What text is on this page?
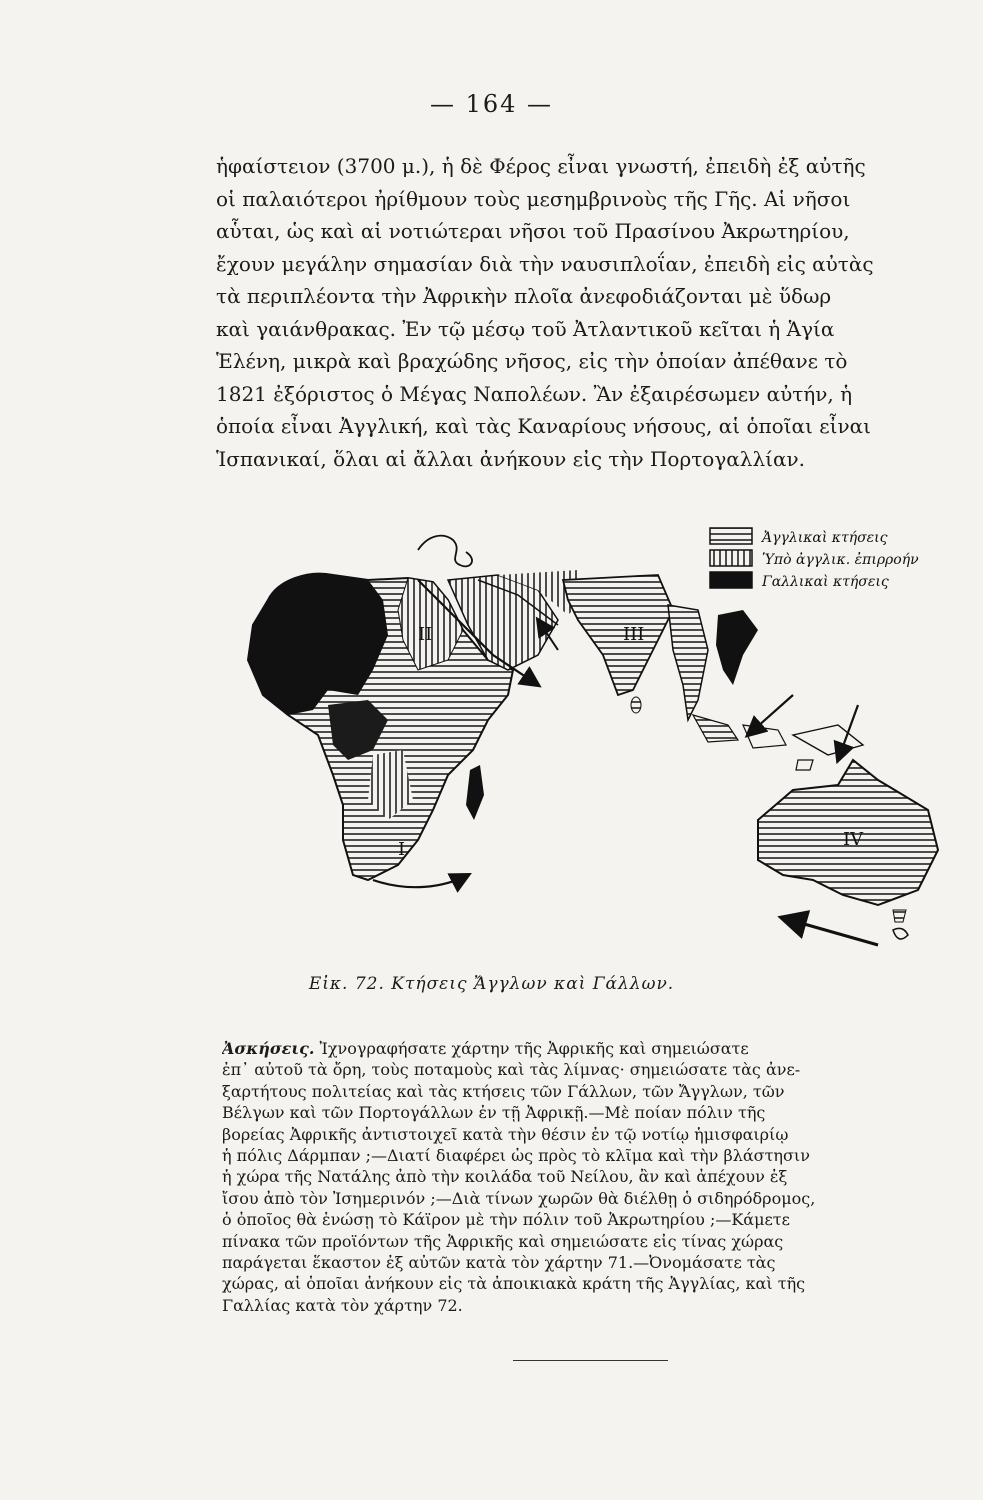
— 164 —
ἡφαίστειον (3700 μ.), ἡ δὲ Φέρος εἶναι γνωστή, ἐπειδὴ ἐξ αὐτῆς
οἱ παλαιότεροι ἠρίθμουν τοὺς μεσημβρινοὺς τῆς Γῆς. Αἱ νῆσοι
αὗται, ὡς καὶ αἱ νοτιώτεραι νῆσοι τοῦ Πρασίνου Ἀκρωτηρίου,
ἔχουν μεγάλην σημασίαν διὰ τὴν ναυσιπλοΐαν, ἐπειδὴ εἰς αὐτὰς
τὰ περιπλέοντα τὴν Ἀφρικὴν πλοῖα ἀνεφοδιάζονται μὲ ὕδωρ
καὶ γαιάνθρακας. Ἐν τῷ μέσῳ τοῦ Ἀτλαντικοῦ κεῖται ἡ Ἁγία
Ἑλένη, μικρὰ καὶ βραχώδης νῆσος, εἰς τὴν ὁποίαν ἀπέθανε τὸ
1821 ἐξόριστος ὁ Μέγας Ναπολέων. Ἂν ἐξαιρέσωμεν αὐτήν, ἡ
ὁποία εἶναι Ἀγγλική, καὶ τὰς Καναρίους νήσους, αἱ ὁποῖαι εἶναι
Ἱσπανικαί, ὅλαι αἱ ἄλλαι ἀνήκουν εἰς τὴν Πορτογαλλίαν.
Ἀγγλικαὶ κτήσεις
Ὑπὸ ἀγγλικ. ἐπιρροήν
Γαλλικαὶ κτήσεις
II	III
I	IV
Εἰκ. 72. Κτήσεις Ἄγγλων καὶ Γάλλων.
Ἀσκήσεις. Ἰχνογραφήσατε χάρτην τῆς Ἀφρικῆς καὶ σημειώσατε
ἐπ᾿ αὐτοῦ τὰ ὄρη, τοὺς ποταμοὺς καὶ τὰς λίμνας· σημειώσατε τὰς ἀνε-
ξαρτήτους πολιτείας καὶ τὰς κτήσεις τῶν Γάλλων, τῶν Ἄγγλων, τῶν
Βέλγων καὶ τῶν Πορτογάλλων ἐν τῇ Ἀφρικῇ.—Μὲ ποίαν πόλιν τῆς
βορείας Ἀφρικῆς ἀντιστοιχεῖ κατὰ τὴν θέσιν ἐν τῷ νοτίῳ ἡμισφαιρίῳ
ἡ πόλις Δάρμπαν ;—Διατί διαφέρει ὡς πρὸς τὸ κλῖμα καὶ τὴν βλάστησιν
ἡ χώρα τῆς Νατάλης ἀπὸ τὴν κοιλάδα τοῦ Νείλου, ἂν καὶ ἀπέχουν ἐξ
ἴσου ἀπὸ τὸν Ἰσημερινόν ;—Διὰ τίνων χωρῶν θὰ διέλθῃ ὁ σιδηρόδρομος,
ὁ ὁποῖος θὰ ἑνώσῃ τὸ Κάϊρον μὲ τὴν πόλιν τοῦ Ἀκρωτηρίου ;—Κάμετε
πίνακα τῶν προϊόντων τῆς Ἀφρικῆς καὶ σημειώσατε εἰς τίνας χώρας
παράγεται ἕκαστον ἐξ αὐτῶν κατὰ τὸν χάρτην 71.—Ὀνομάσατε τὰς
χώρας, αἱ ὁποῖαι ἀνήκουν εἰς τὰ ἀποικιακὰ κράτη τῆς Ἀγγλίας, καὶ τῆς
Γαλλίας κατὰ τὸν χάρτην 72.
